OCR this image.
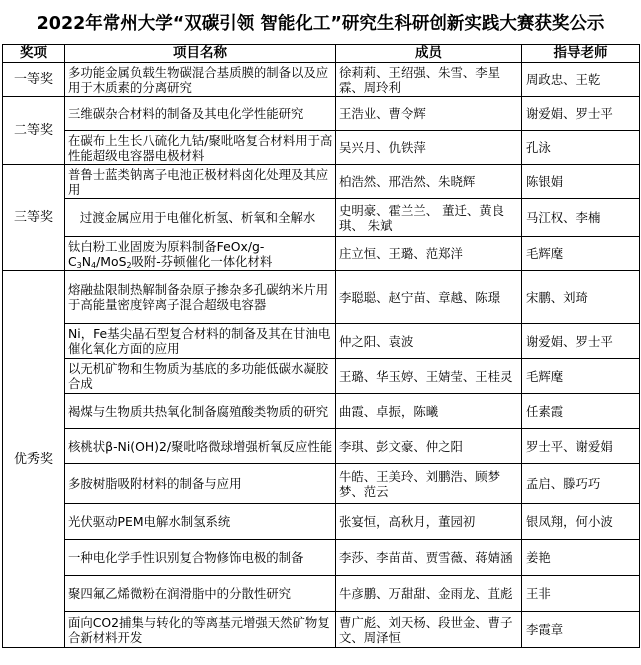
2022年常州大学“双碳引领 智能化工”研究生科研创新实践大赛获奖公示
奖项	项目名称	成员	指导老师
一等奖	多功能金属负载生物碳混合基质膜的制备以及应用于木质素的分离研究	徐莉莉、王绍强、朱雪、李星霖、周玲利	周政忠、王乾
二等奖	三维碳杂合材料的制备及其电化学性能研究	王浩业、曹令辉	谢爱娟、罗士平
	在碳布上生长八硫化九钴/聚吡咯复合材料用于高性能超级电容器电极材料	吴兴月、仇铁萍	孔泳
三等奖	普鲁士蓝类钠离子电池正极材料卤化处理及其应用	柏浩然、邢浩然、朱晓辉	陈银娟
	过渡金属应用于电催化析氢、析氧和全解水	史明豪、霍兰兰、 董迁、黄良琪、 朱斌	马江权、李楠
	钛白粉工业固废为原料制备FeOx/g-
$C_3N_4/MoS_2$吸附-芬顿催化一体化材料	庄立恒、王璐、范郑洋	毛辉麾
优秀奖	熔融盐限制热解制备杂原子掺杂多孔碳纳米片用于高能量密度锌离子混合超级电容器	李聪聪、赵宁苗、章越、陈璟	宋鹏、刘琦
	Ni，Fe基尖晶石型复合材料的制备及其在甘油电催化氧化方面的应用	仲之阳、袁波	谢爱娟、罗士平
	以无机矿物和生物质为基底的多功能低碳水凝胶合成	王璐、华玉婷、王婧莹、王桂灵	毛辉麾
	褐煤与生物质共热氧化制备腐殖酸类物质的研究	曲霞、卓振，陈曦	任素霞
	核桃状β-Ni(OH)2/聚吡咯微球增强析氧反应性能	李琪、彭文豪、仲之阳	罗士平、谢爱娟
	多胺树脂吸附材料的制备与应用	牛皓、王美玲、刘鹏浩、顾梦梦、范云	孟启、滕巧巧
	光伏驱动PEM电解水制氢系统	张宴恒，高秋月，董园初	银凤翔，何小波
	一种电化学手性识别复合物修饰电极的制备	李莎、李苗苗、贾雪薇、蒋婧涵	姜艳
	聚四氟乙烯微粉在润滑脂中的分散性研究	牛彦鹏、万甜甜、金雨龙、苴彪	王非
	面向CO2捕集与转化的等离基元增强天然矿物复合新材料开发	曹广彪、刘天杨、段世金、曹子文、周泽恒	李霞章
